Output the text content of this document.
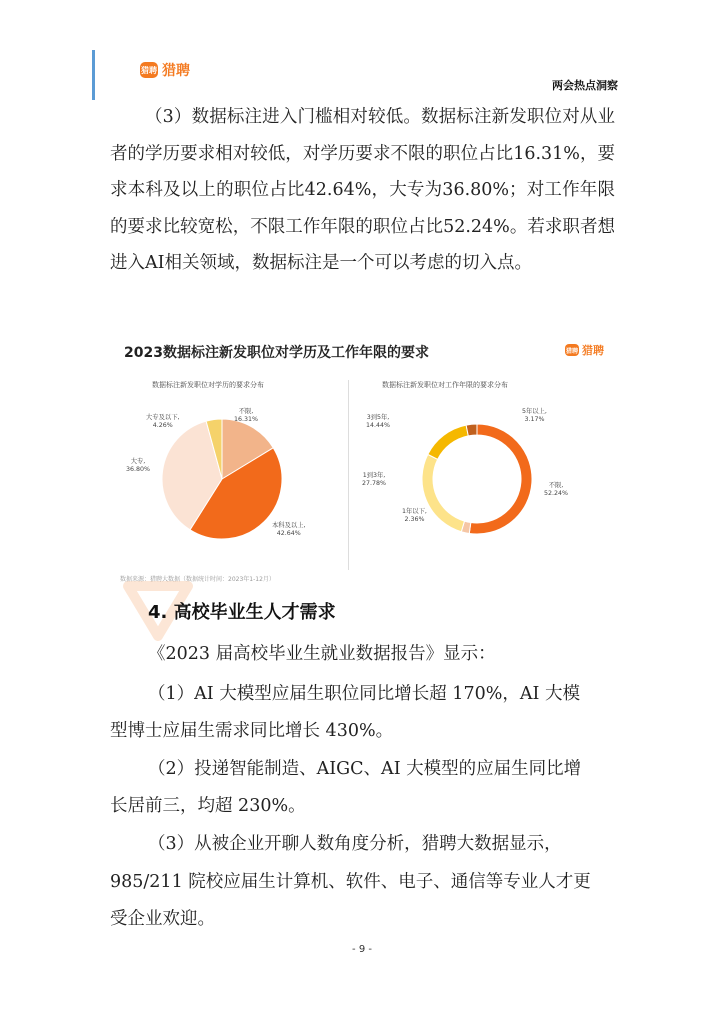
猎聘 猎聘
两会热点洞察
（3）数据标注进入门槛相对较低。数据标注新发职位对从业者的学历要求相对较低，对学历要求不限的职位占比16.31%，要求本科及以上的职位占比42.64%，大专为36.80%；对工作年限的要求比较宽松，不限工作年限的职位占比52.24%。若求职者想进入AI相关领域，数据标注是一个可以考虑的切入点。
2023数据标注新发职位对学历及工作年限的要求	猎聘 猎聘
数据标注新发职位对学历的要求分布
不限,
16.31%
本科及以上,
42.64%
大专,
36.80%
大专及以下,
4.26%
数据标注新发职位对工作年限的要求分布
5年以上,
3.17%
3到5年,
14.44%
1到3年,
27.78%
1年以下,
2.36%
不限,
52.24%
数据来源：猎聘大数据（数据统计时间：2023年1-12月）
4. 高校毕业生人才需求
《2023 届高校毕业生就业数据报告》显示：
（1）AI 大模型应届生职位同比增长超 170%，AI 大模
型博士应届生需求同比增长 430%。
（2）投递智能制造、AIGC、AI 大模型的应届生同比增
长居前三，均超 230%。
（3）从被企业开聊人数角度分析，猎聘大数据显示，
985/211 院校应届生计算机、软件、电子、通信等专业人才更
受企业欢迎。
- 9 -
